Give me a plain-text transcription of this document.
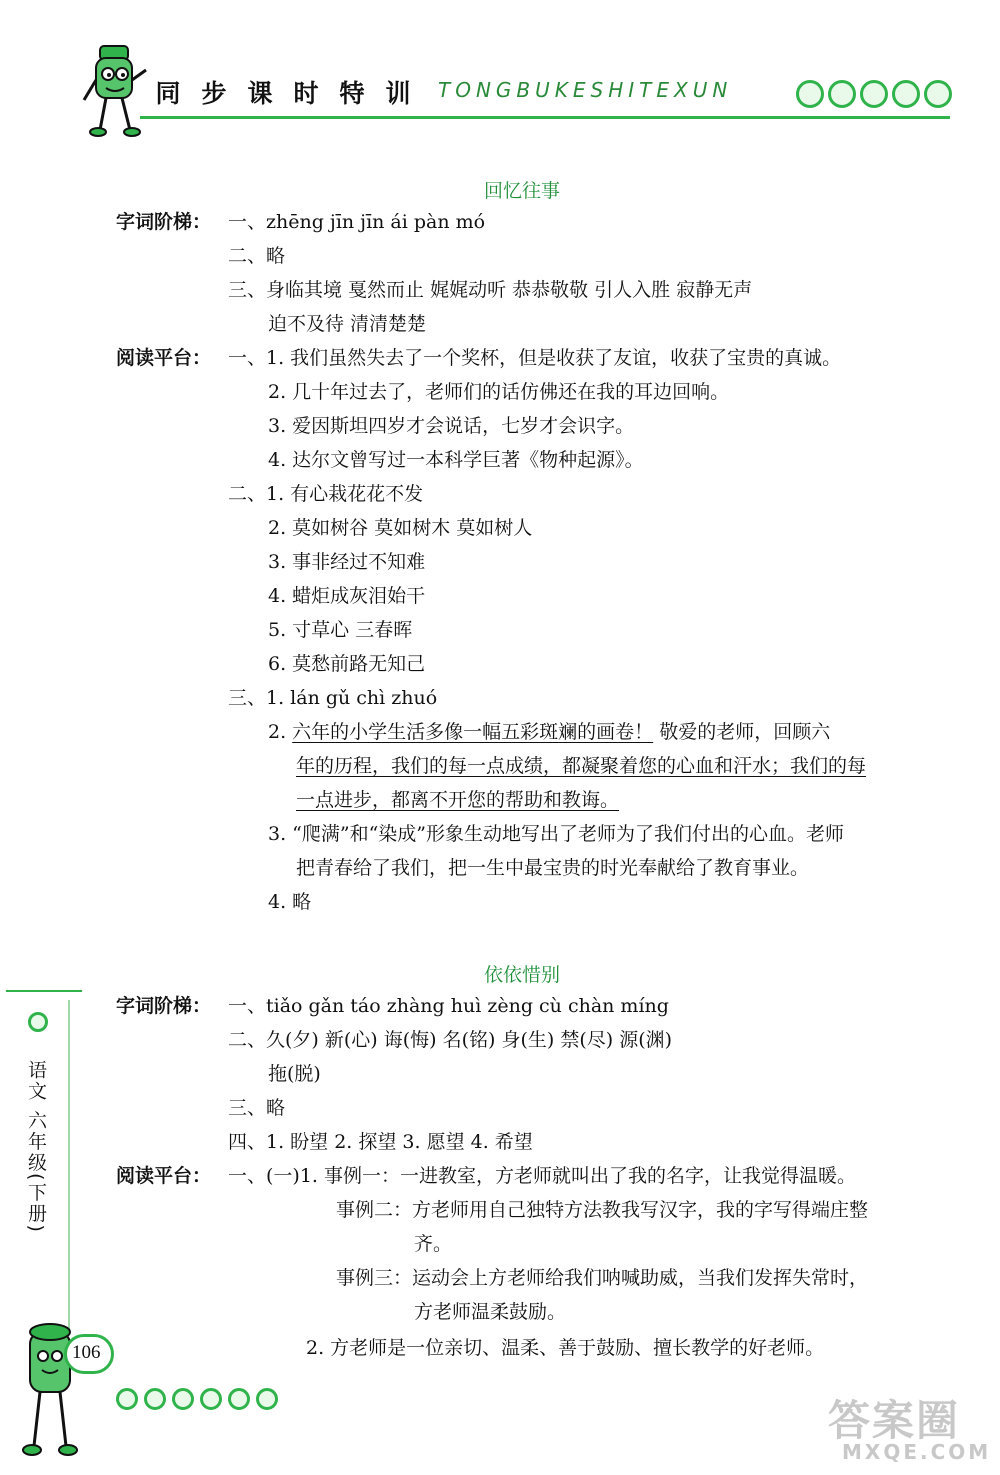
同 步 课 时 特 训	TONGBUKESHITEXUN
回忆往事
字词阶梯： 一、zhēng jīn jīn ái pàn mó
二、略
三、身临其境 戛然而止 娓娓动听 恭恭敬敬 引人入胜 寂静无声
迫不及待 清清楚楚
阅读平台： 一、1. 我们虽然失去了一个奖杯，但是收获了友谊，收获了宝贵的真诚。
2. 几十年过去了，老师们的话仿佛还在我的耳边回响。
3. 爱因斯坦四岁才会说话，七岁才会识字。
4. 达尔文曾写过一本科学巨著《物种起源》。
二、1. 有心栽花花不发
2. 莫如树谷 莫如树木 莫如树人
3. 事非经过不知难
4. 蜡炬成灰泪始干
5. 寸草心 三春晖
6. 莫愁前路无知己
三、1. lán gǔ chì zhuó
2. 六年的小学生活多像一幅五彩斑斓的画卷！ 敬爱的老师，回顾六
年的历程，我们的每一点成绩，都凝聚着您的心血和汗水；我们的每
一点进步，都离不开您的帮助和教诲。
3. “爬满”和“染成”形象生动地写出了老师为了我们付出的心血。老师
把青春给了我们，把一生中最宝贵的时光奉献给了教育事业。
4. 略
依依惜别
字词阶梯： 一、tiǎo gǎn táo zhàng huì zèng cù chàn míng
二、久(夕) 新(心) 诲(悔) 名(铭) 身(生) 禁(尽) 源(渊)
拖(脱)
三、略
四、1. 盼望 2. 探望 3. 愿望 4. 希望
阅读平台： 一、(一)1. 事例一：一进教室，方老师就叫出了我的名字，让我觉得温暖。
事例二：方老师用自己独特方法教我写汉字，我的字写得端庄整
齐。
事例三：运动会上方老师给我们呐喊助威，当我们发挥失常时，
方老师温柔鼓励。
2. 方老师是一位亲切、温柔、善于鼓励、擅长教学的好老师。
语文 六年级(下册)
106
答案圈
MXQE.COM
